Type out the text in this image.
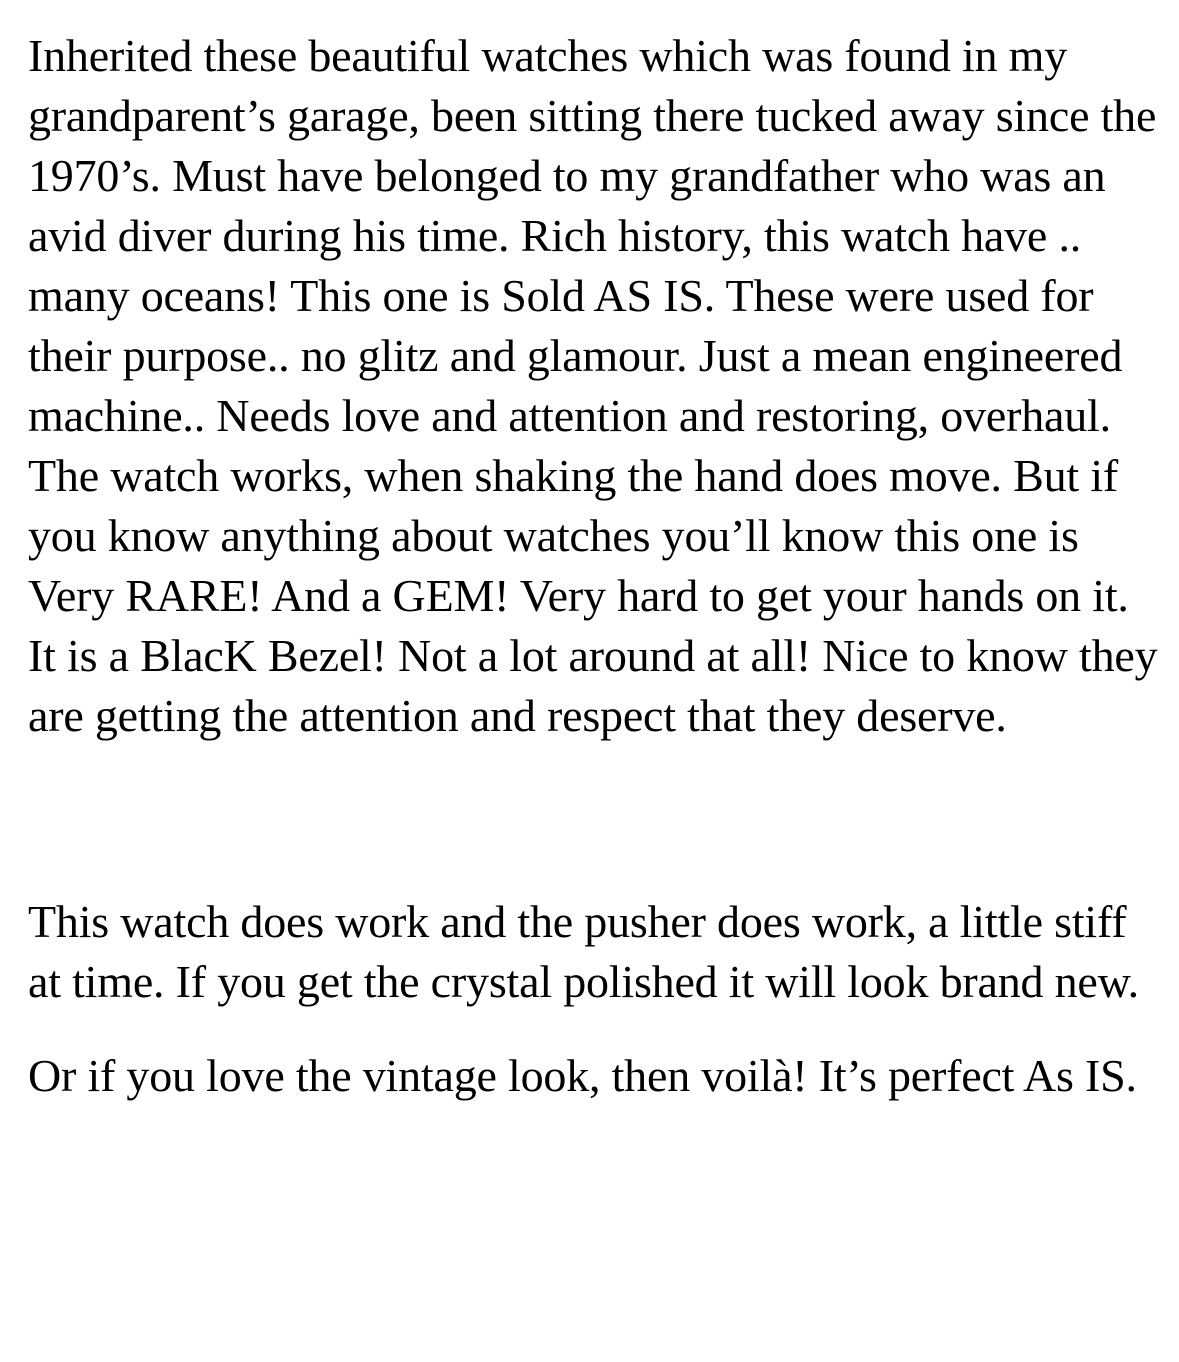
Inherited these beautiful watches which was found in my grandparent’s garage, been sitting there tucked away since the 1970’s. Must have belonged to my grandfather who was an avid diver during his time. Rich history, this watch have .. many oceans! This one is Sold AS IS. These were used for their purpose.. no glitz and glamour. Just a mean engineered machine.. Needs love and attention and restoring, overhaul. The watch works, when shaking the hand does move. But if you know anything about watches you’ll know this one is Very RARE! And a GEM! Very hard to get your hands on it. It is a BlacK Bezel! Not a lot around at all! Nice to know they are getting the attention and respect that they deserve.

This watch does work and the pusher does work, a little stiff at time. If you get the crystal polished it will look brand new.

Or if you love the vintage look, then voilà! It’s perfect As IS.
